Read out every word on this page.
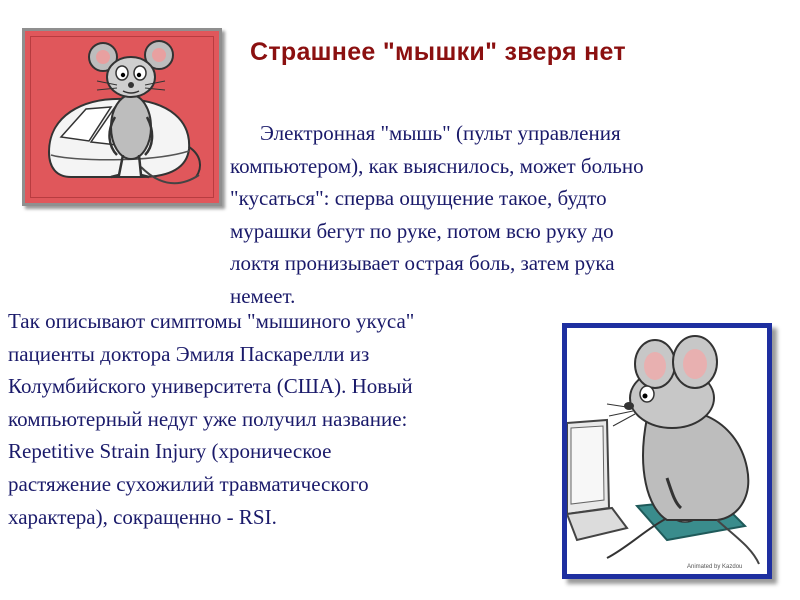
Страшнее "мышки" зверя нет
Электронная "мышь" (пульт управления
компьютером), как выяснилось, может больно
"кусаться": сперва ощущение такое, будто
мурашки бегут по руке, потом всю руку до
локтя пронизывает острая боль, затем рука
немеет.
Так описывают симптомы "мышиного укуса"
пациенты доктора Эмиля Паскарелли из
Колумбийского университета (США). Новый
компьютерный недуг уже получил название:
Repetitive Strain Injury (хроническое
растяжение сухожилий травматического
характера), сокращенно - RSI.
Animated by Kazdou
